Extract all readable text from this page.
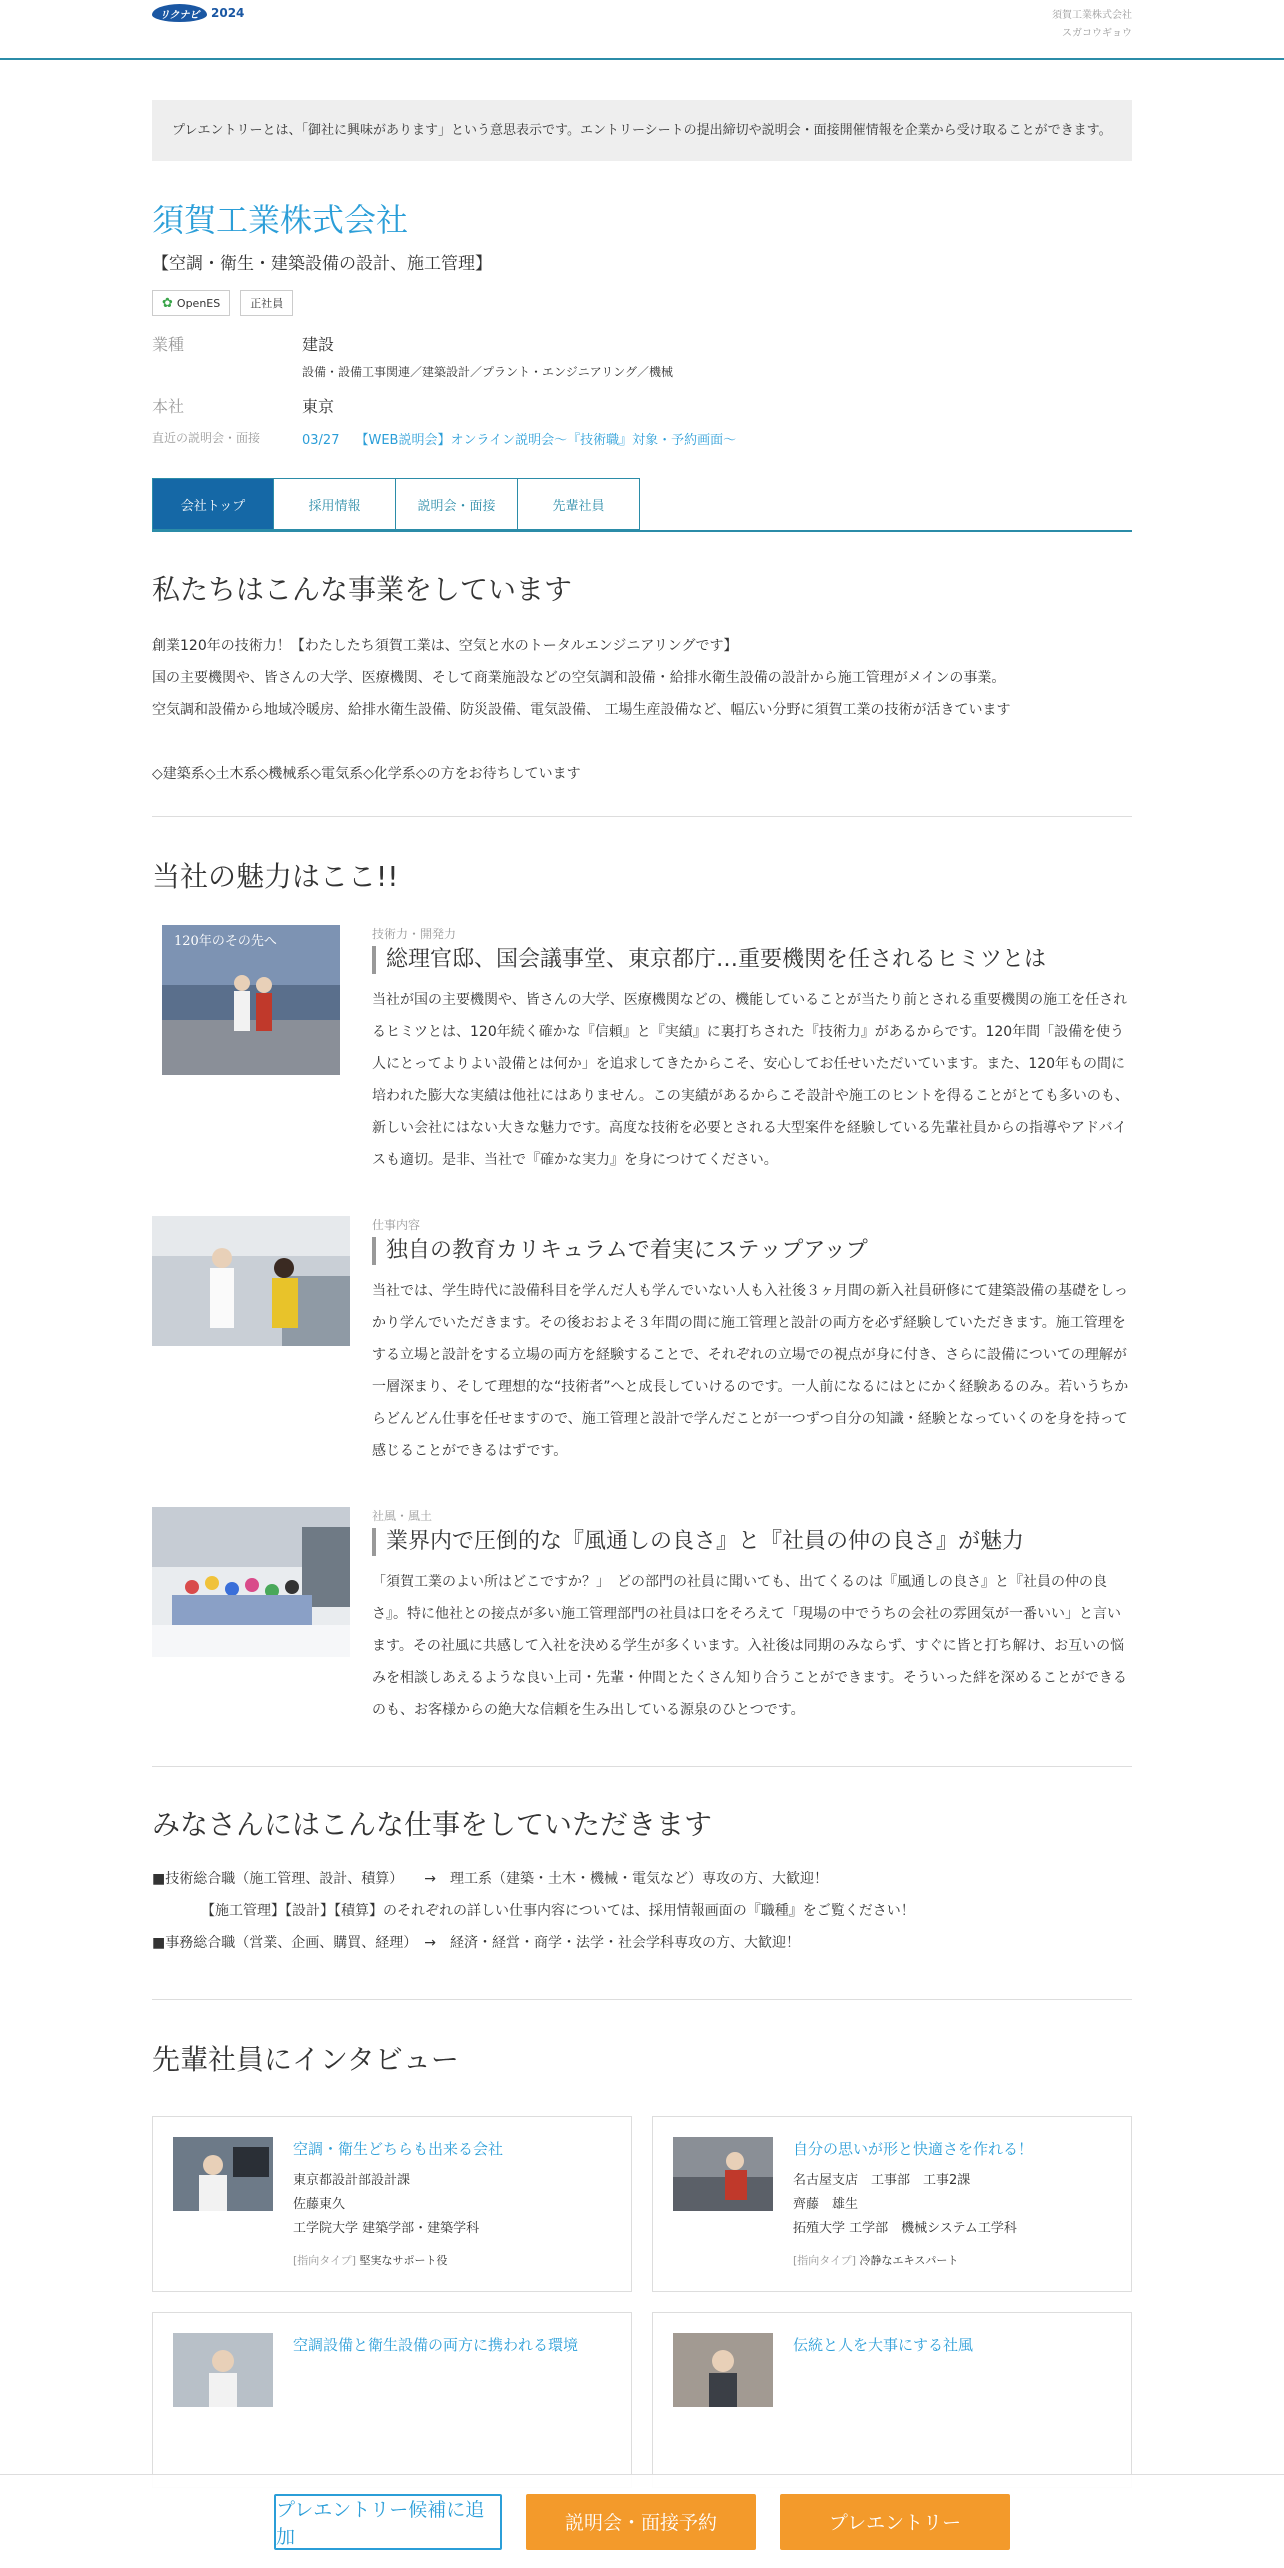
リクナビ 2024	須賀工業株式会社
スガコウギョウ
プレエントリーとは、「御社に興味があります」という意思表示です。エントリーシートの提出締切や説明会・面接開催情報を企業から受け取ることができます。
須賀工業株式会社
【空調・衛生・建築設備の設計、施工管理】
✿ OpenES	正社員
業種	建設
設備・設備工事関連／建築設計／プラント・エンジニアリング／機械
本社	東京
直近の説明会・面接	03/27 【WEB説明会】オンライン説明会～『技術職』対象・予約画面～
会社トップ	採用情報	説明会・面接	先輩社員
私たちはこんな事業をしています
創業120年の技術力！【わたしたち須賀工業は、空気と水のトータルエンジニアリングです】
国の主要機関や、皆さんの大学、医療機関、そして商業施設などの空気調和設備・給排水衛生設備の設計から施工管理がメインの事業。
空気調和設備から地域冷暖房、給排水衛生設備、防災設備、電気設備、 工場生産設備など、幅広い分野に須賀工業の技術が活きています
◇建築系◇土木系◇機械系◇電気系◇化学系◇の方をお待ちしています
当社の魅力はここ!!
120年のその先へ	技術力・開発力
総理官邸、国会議事堂、東京都庁…重要機関を任されるヒミツとは
当社が国の主要機関や、皆さんの大学、医療機関などの、機能していることが当たり前とされる重要機関の施工を任されるヒミツとは、120年続く確かな『信頼』と『実績』に裏打ちされた『技術力』があるからです。120年間「設備を使う人にとってよりよい設備とは何か」を追求してきたからこそ、安心してお任せいただいています。また、120年もの間に培われた膨大な実績は他社にはありません。この実績があるからこそ設計や施工のヒントを得ることがとても多いのも、新しい会社にはない大きな魅力です。高度な技術を必要とされる大型案件を経験している先輩社員からの指導やアドバイスも適切。是非、当社で『確かな実力』を身につけてください。
仕事内容
独自の教育カリキュラムで着実にステップアップ
当社では、学生時代に設備科目を学んだ人も学んでいない人も入社後３ヶ月間の新入社員研修にて建築設備の基礎をしっかり学んでいただきます。その後おおよそ３年間の間に施工管理と設計の両方を必ず経験していただきます。施工管理をする立場と設計をする立場の両方を経験することで、それぞれの立場での視点が身に付き、さらに設備についての理解が一層深まり、そして理想的な“技術者”へと成長していけるのです。一人前になるにはとにかく経験あるのみ。若いうちからどんどん仕事を任せますので、施工管理と設計で学んだことが一つずつ自分の知識・経験となっていくのを身を持って感じることができるはずです。
社風・風土
業界内で圧倒的な『風通しの良さ』と『社員の仲の良さ』が魅力
「須賀工業のよい所はどこですか？」　どの部門の社員に聞いても、出てくるのは『風通しの良さ』と『社員の仲の良さ』。特に他社との接点が多い施工管理部門の社員は口をそろえて「現場の中でうちの会社の雰囲気が一番いい」と言います。その社風に共感して入社を決める学生が多くいます。入社後は同期のみならず、すぐに皆と打ち解け、お互いの悩みを相談しあえるような良い上司・先輩・仲間とたくさん知り合うことができます。そういった絆を深めることができるのも、お客様からの絶大な信頼を生み出している源泉のひとつです。
みなさんにはこんな仕事をしていただきます
■技術総合職（施工管理、設計、積算）　　→　理工系（建築・土木・機械・電気など）専攻の方、大歓迎！
　　　　【施工管理】【設計】【積算】のそれぞれの詳しい仕事内容については、採用情報画面の『職種』をご覧ください！
■事務総合職（営業、企画、購買、経理）　→　経済・経営・商学・法学・社会学科専攻の方、大歓迎！
先輩社員にインタビュー
空調・衛生どちらも出来る会社
東京都設計部設計課
佐藤東久
工学院大学 建築学部・建築学科
[指向タイプ] 堅実なサポート役
自分の思いが形と快適さを作れる！
名古屋支店　工事部　工事2課
齊藤　雄生
拓殖大学 工学部　機械システム工学科
[指向タイプ] 冷静なエキスパート
空調設備と衛生設備の両方に携われる環境	伝統と人を大事にする社風
プレエントリー候補に追加
説明会・面接予約	プレエントリー
